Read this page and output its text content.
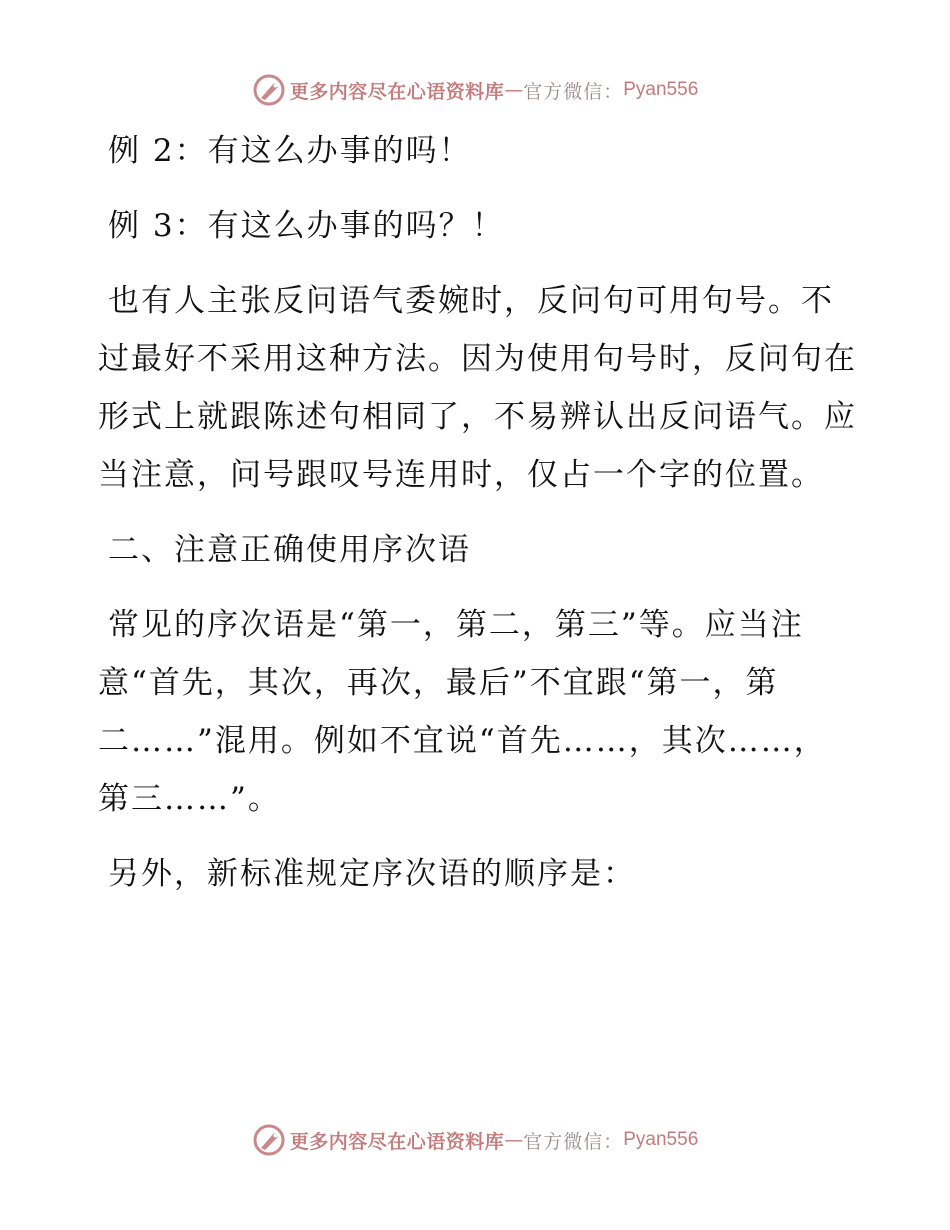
更多内容尽在心语资料库 — 官方微信： Pyan556

例 2：有这么办事的吗！

例 3：有这么办事的吗？！

也有人主张反问语气委婉时，反问句可用句号。不过最好不采用这种方法。因为使用句号时，反问句在形式上就跟陈述句相同了，不易辨认出反问语气。应当注意，问号跟叹号连用时，仅占一个字的位置。

二、注意正确使用序次语

常见的序次语是“第一，第二，第三”等。应当注意“首先，其次，再次，最后”不宜跟“第一，第二……”混用。例如不宜说“首先……，其次……，第三……”。

另外，新标准规定序次语的顺序是：

更多内容尽在心语资料库 — 官方微信： Pyan556
